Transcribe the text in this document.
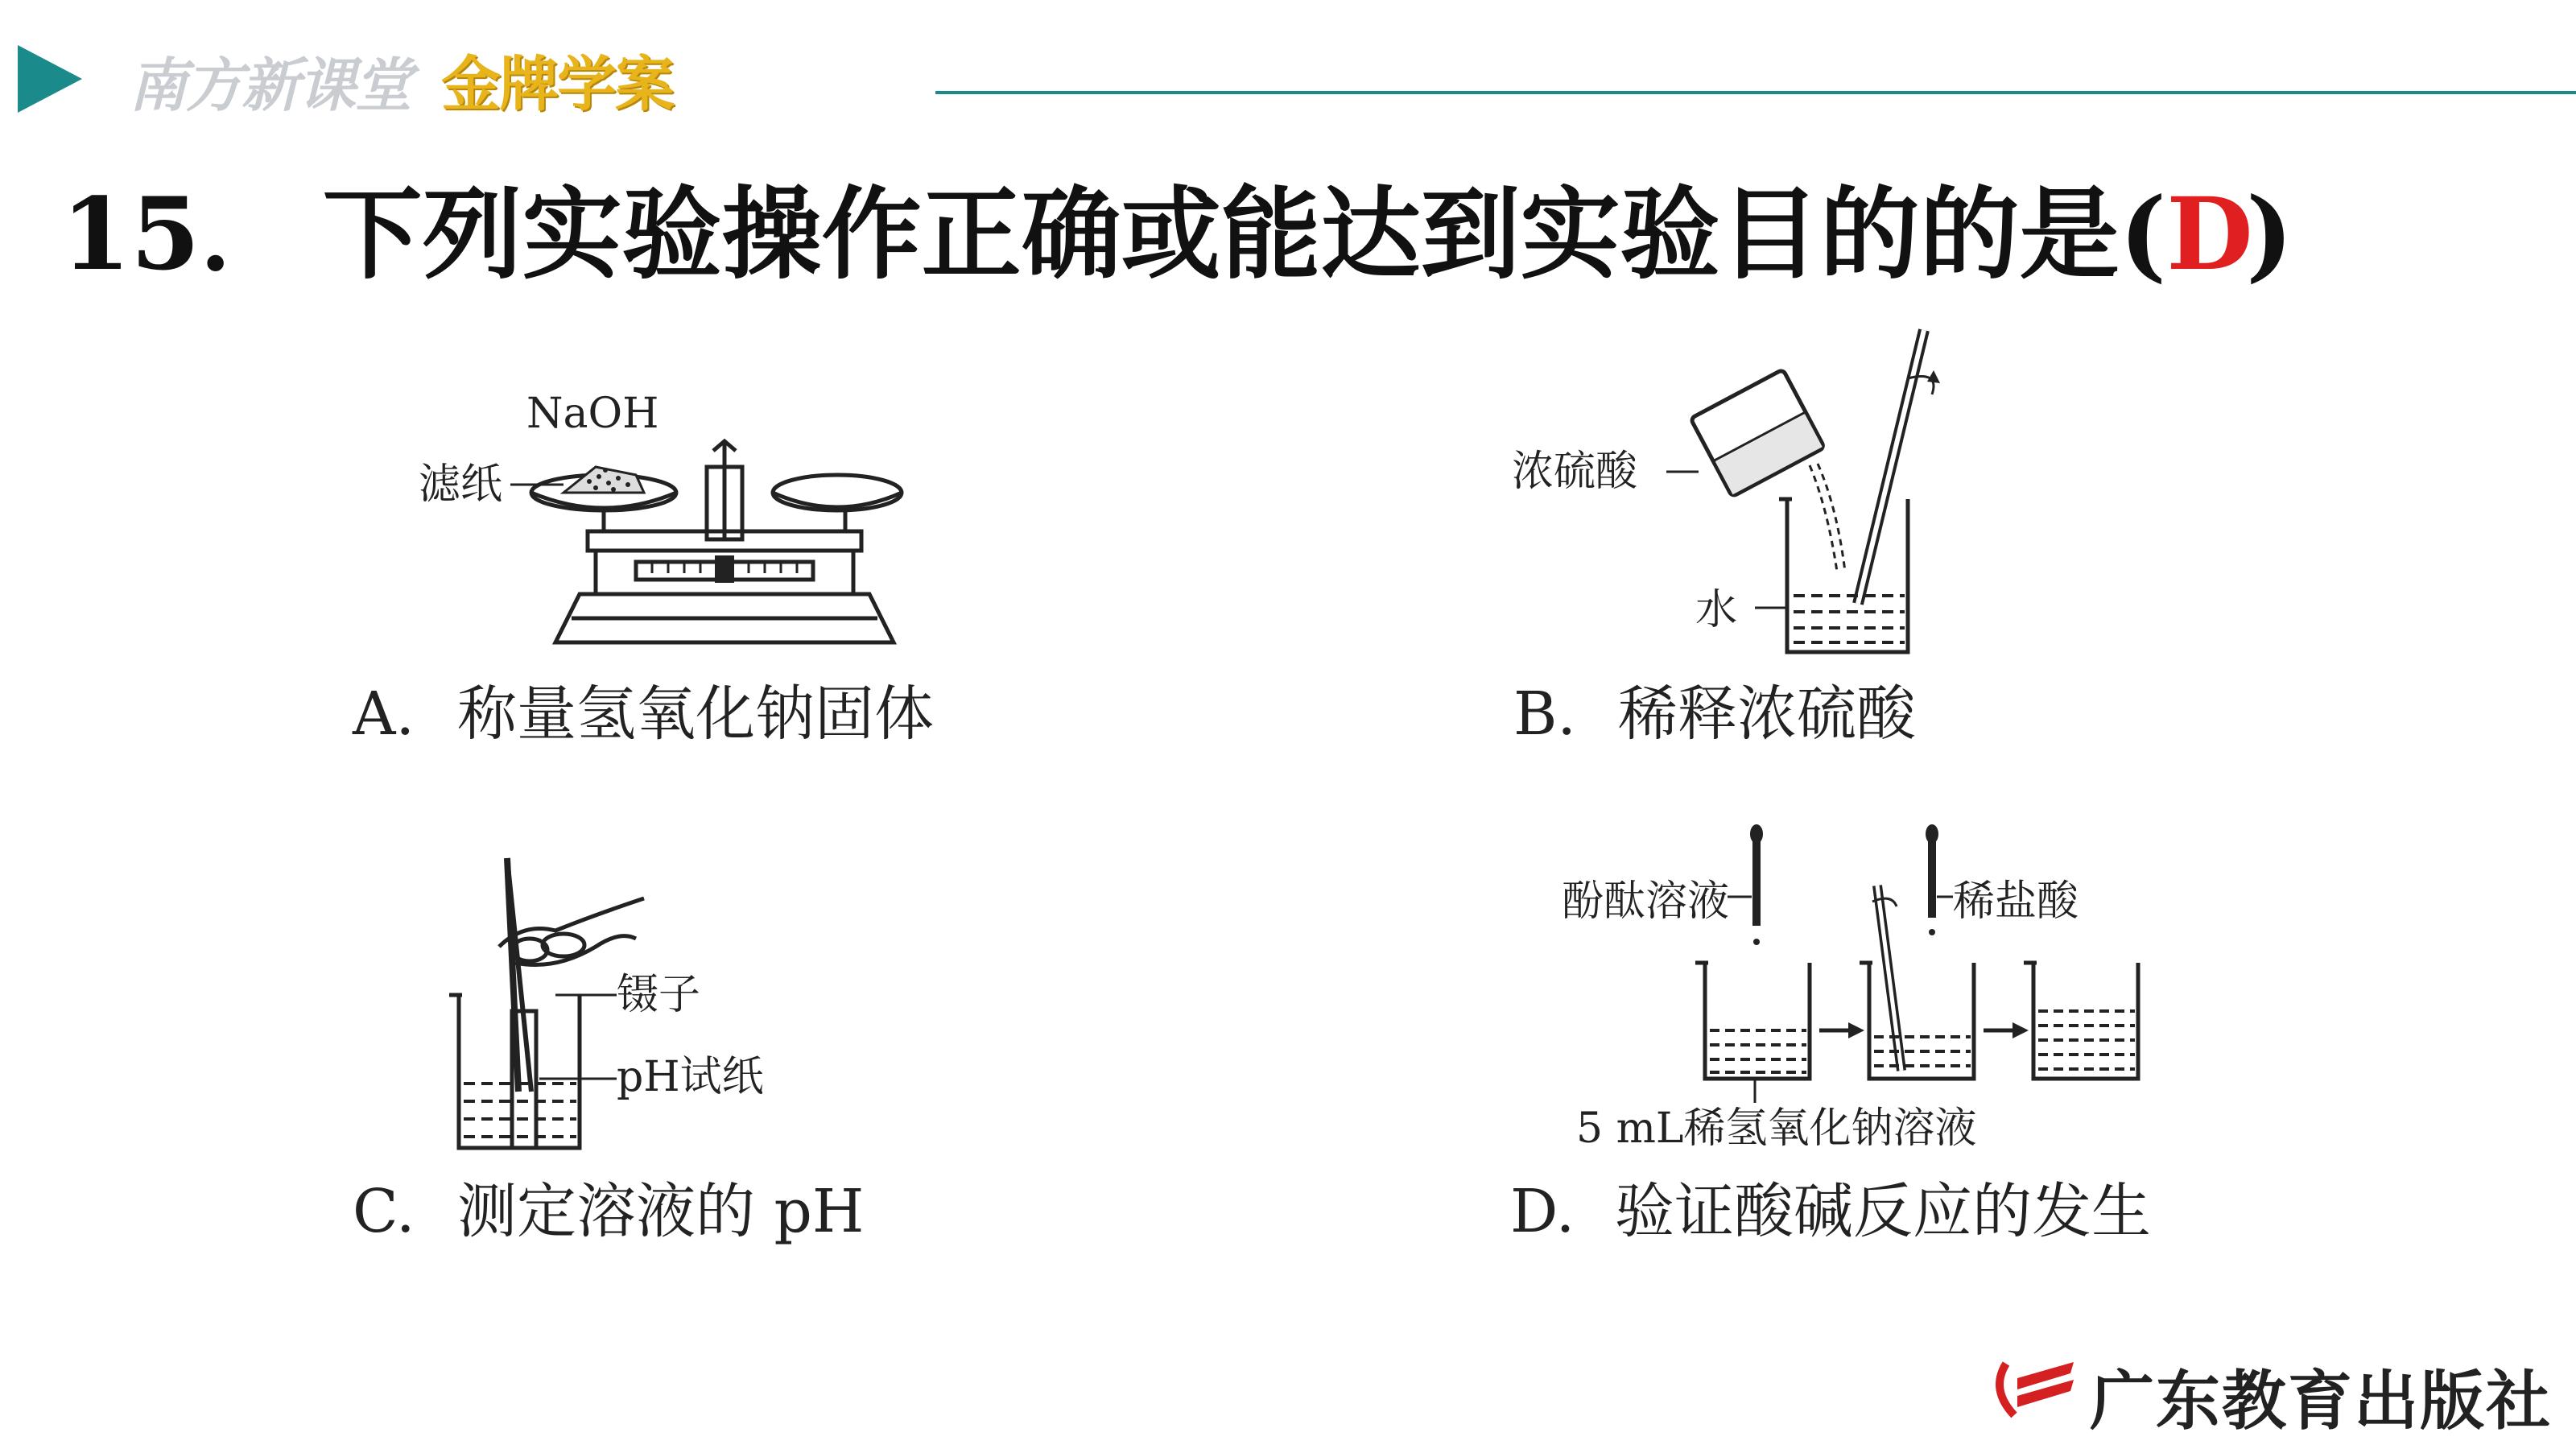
南方新课堂 金牌学案
15． 下列实验操作正确或能达到实验目的的是(D
)
NaOH
滤纸
A. 称量氢氧化钠固体
浓硫酸
水
B. 稀释浓硫酸
镊子
pH试纸
C. 测定溶液的 pH
酚酞溶液	稀盐酸
5 mL稀氢氧化钠溶液
D. 验证酸碱反应的发生
广东教育出版社
